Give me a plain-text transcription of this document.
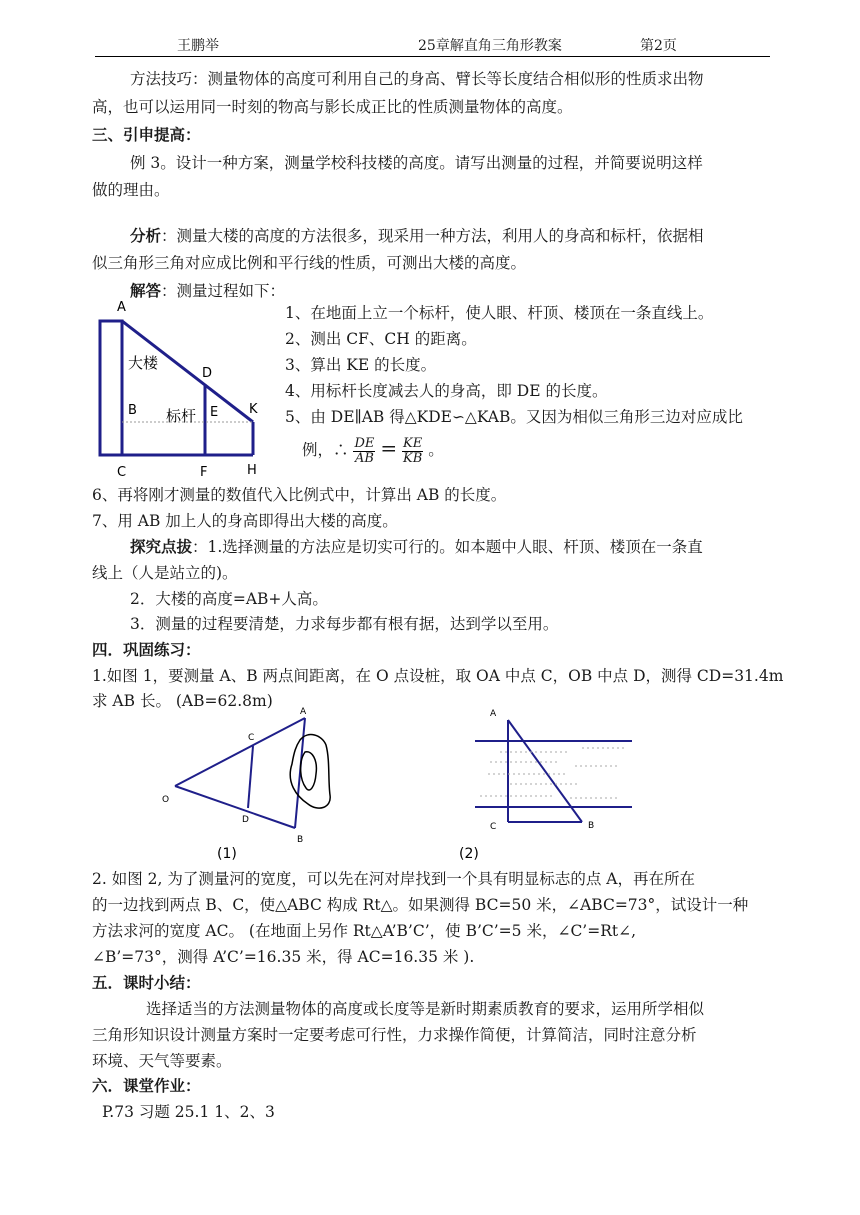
王鹏举	25章解直角三角形教案	第2页
方法技巧：测量物体的高度可利用自己的身高、臂长等长度结合相似形的性质求出物
高，也可以运用同一时刻的物高与影长成正比的性质测量物体的高度。
三、引申提高：
例 3。设计一种方案，测量学校科技楼的高度。请写出测量的过程，并简要说明这样
做的理由。
分析：测量大楼的高度的方法很多，现采用一种方法，利用人的身高和标杆，依据相
似三角形三角对应成比例和平行线的性质，可测出大楼的高度。
解答：测量过程如下：
A
B
C
D
E
F	H
K
大楼
标杆
1、在地面上立一个标杆，使人眼、杆顶、楼顶在一条直线上。
2、测出 CF、CH 的距离。
3、算出 KE 的长度。
4、用标杆长度减去人的身高，即 DE 的长度。
5、由 DE∥AB 得△KDE∽△KAB。又因为相似三角形三边对应成比
例，∴ $\frac{DE}{AB} = \frac{KE}{KB}$ 。
6、再将刚才测量的数值代入比例式中，计算出 AB 的长度。
7、用 AB 加上人的身高即得出大楼的高度。
探究点拔：1.选择测量的方法应是切实可行的。如本题中人眼、杆顶、楼顶在一条直
线上（人是站立的)。
2．大楼的高度=AB+人高。
3．测量的过程要清楚，力求每步都有根有据，达到学以至用。
四．巩固练习：
1.如图 1，要测量 A、B 两点间距离，在 O 点设桩，取 OA 中点 C，OB 中点 D，测得 CD=31.4m
求 AB 长。 (AB=62.8m)
A
B
C
D
O
(1)
A
B
C
(2)
2. 如图 2, 为了测量河的宽度，可以先在河对岸找到一个具有明显标志的点 A，再在所在
的一边找到两点 B、C，使△ABC 构成 Rt△。如果测得 BC=50 米，∠ABC=73°，试设计一种
方法求河的宽度 AC。 (在地面上另作 Rt△A’B’C’，使 B’C’=5 米，∠C’=Rt∠,
∠B’=73°，测得 A’C’=16.35 米，得 AC=16.35 米 ).
五．课时小结：
选择适当的方法测量物体的高度或长度等是新时期素质教育的要求，运用所学相似
三角形知识设计测量方案时一定要考虑可行性，力求操作简便，计算简洁，同时注意分析
环境、天气等要素。
六．课堂作业：
P.73 习题 25.1 1、2、3
